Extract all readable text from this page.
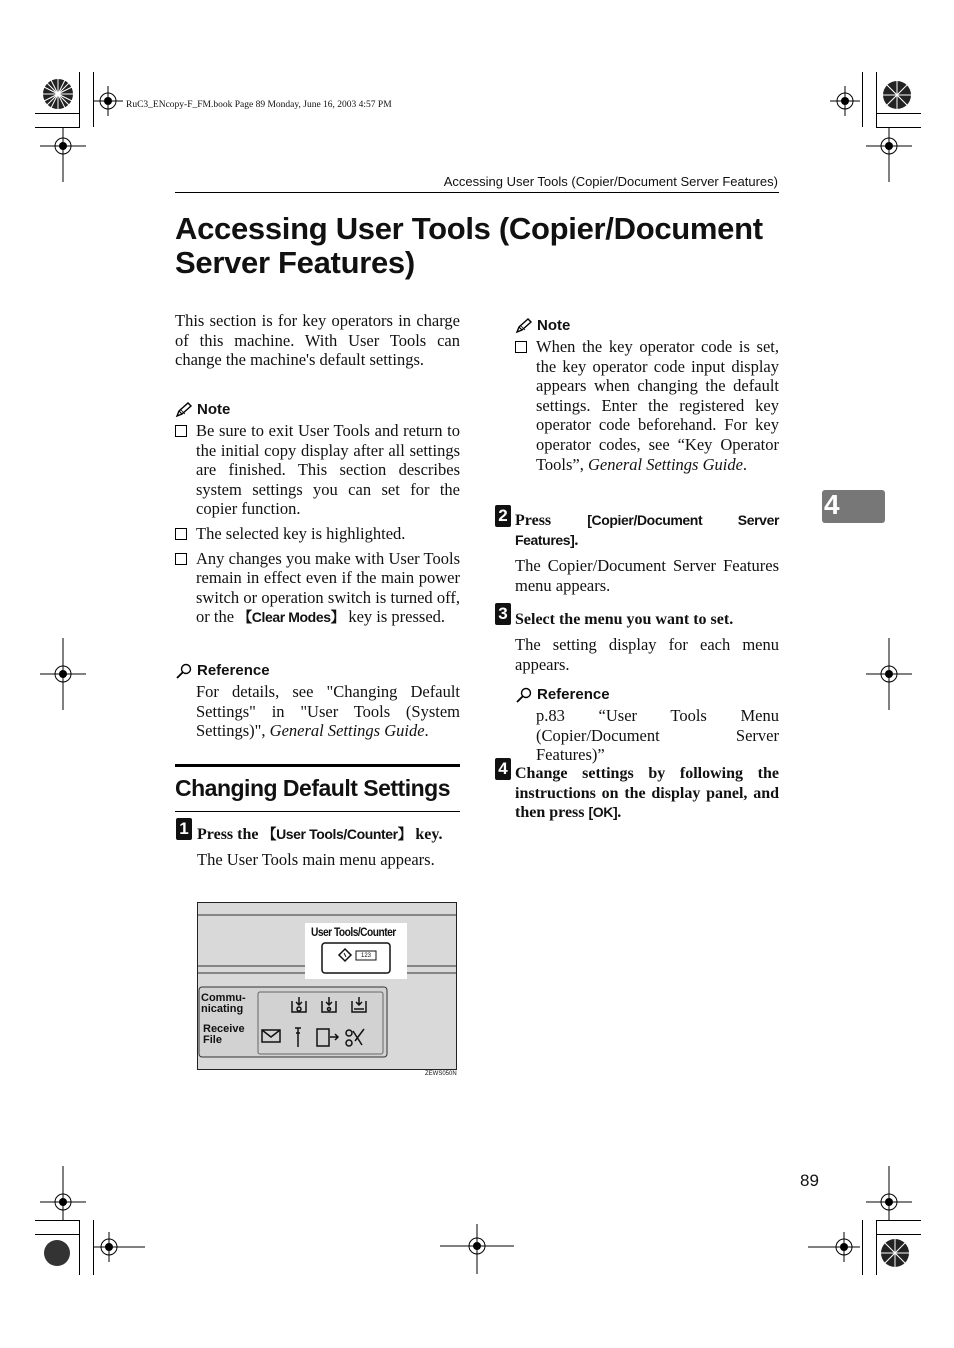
RuC3_ENcopy-F_FM.book Page 89 Monday, June 16, 2003 4:57 PM
Accessing User Tools (Copier/Document Server Features)
Accessing User Tools (Copier/Document Server Features)
This section is for key operators in charge of this machine. With User Tools can change the machine's default settings.
Note
Be sure to exit User Tools and return to the initial copy display after all settings are finished. This section describes system settings you can set for the copier function.
The selected key is highlighted.
Any changes you make with User Tools remain in effect even if the main power switch or operation switch is turned off, or the 【Clear Modes】 key is pressed.
Reference
For details, see "Changing Default Settings" in "User Tools (System Settings)", General Settings Guide.
Changing Default Settings
1 Press the 【User Tools/Counter】 key.
The User Tools main menu appears.
User Tools/Counter
123
Commu-
nicating
Receive
File
ZEWS050N
Note
When the key operator code is set, the key operator code input display appears when changing the default settings. Enter the registered key operator code beforehand. For key operator codes, see “Key Operator Tools”, General Settings Guide.
2 Press [Copier/Document Server Features].
The Copier/Document Server Features menu appears.
3 Select the menu you want to set.
The setting display for each menu appears.
Reference
p.83 “User Tools Menu (Copier/Document Server Features)”
4 Change settings by following the instructions on the display panel, and then press [OK].
4
89
